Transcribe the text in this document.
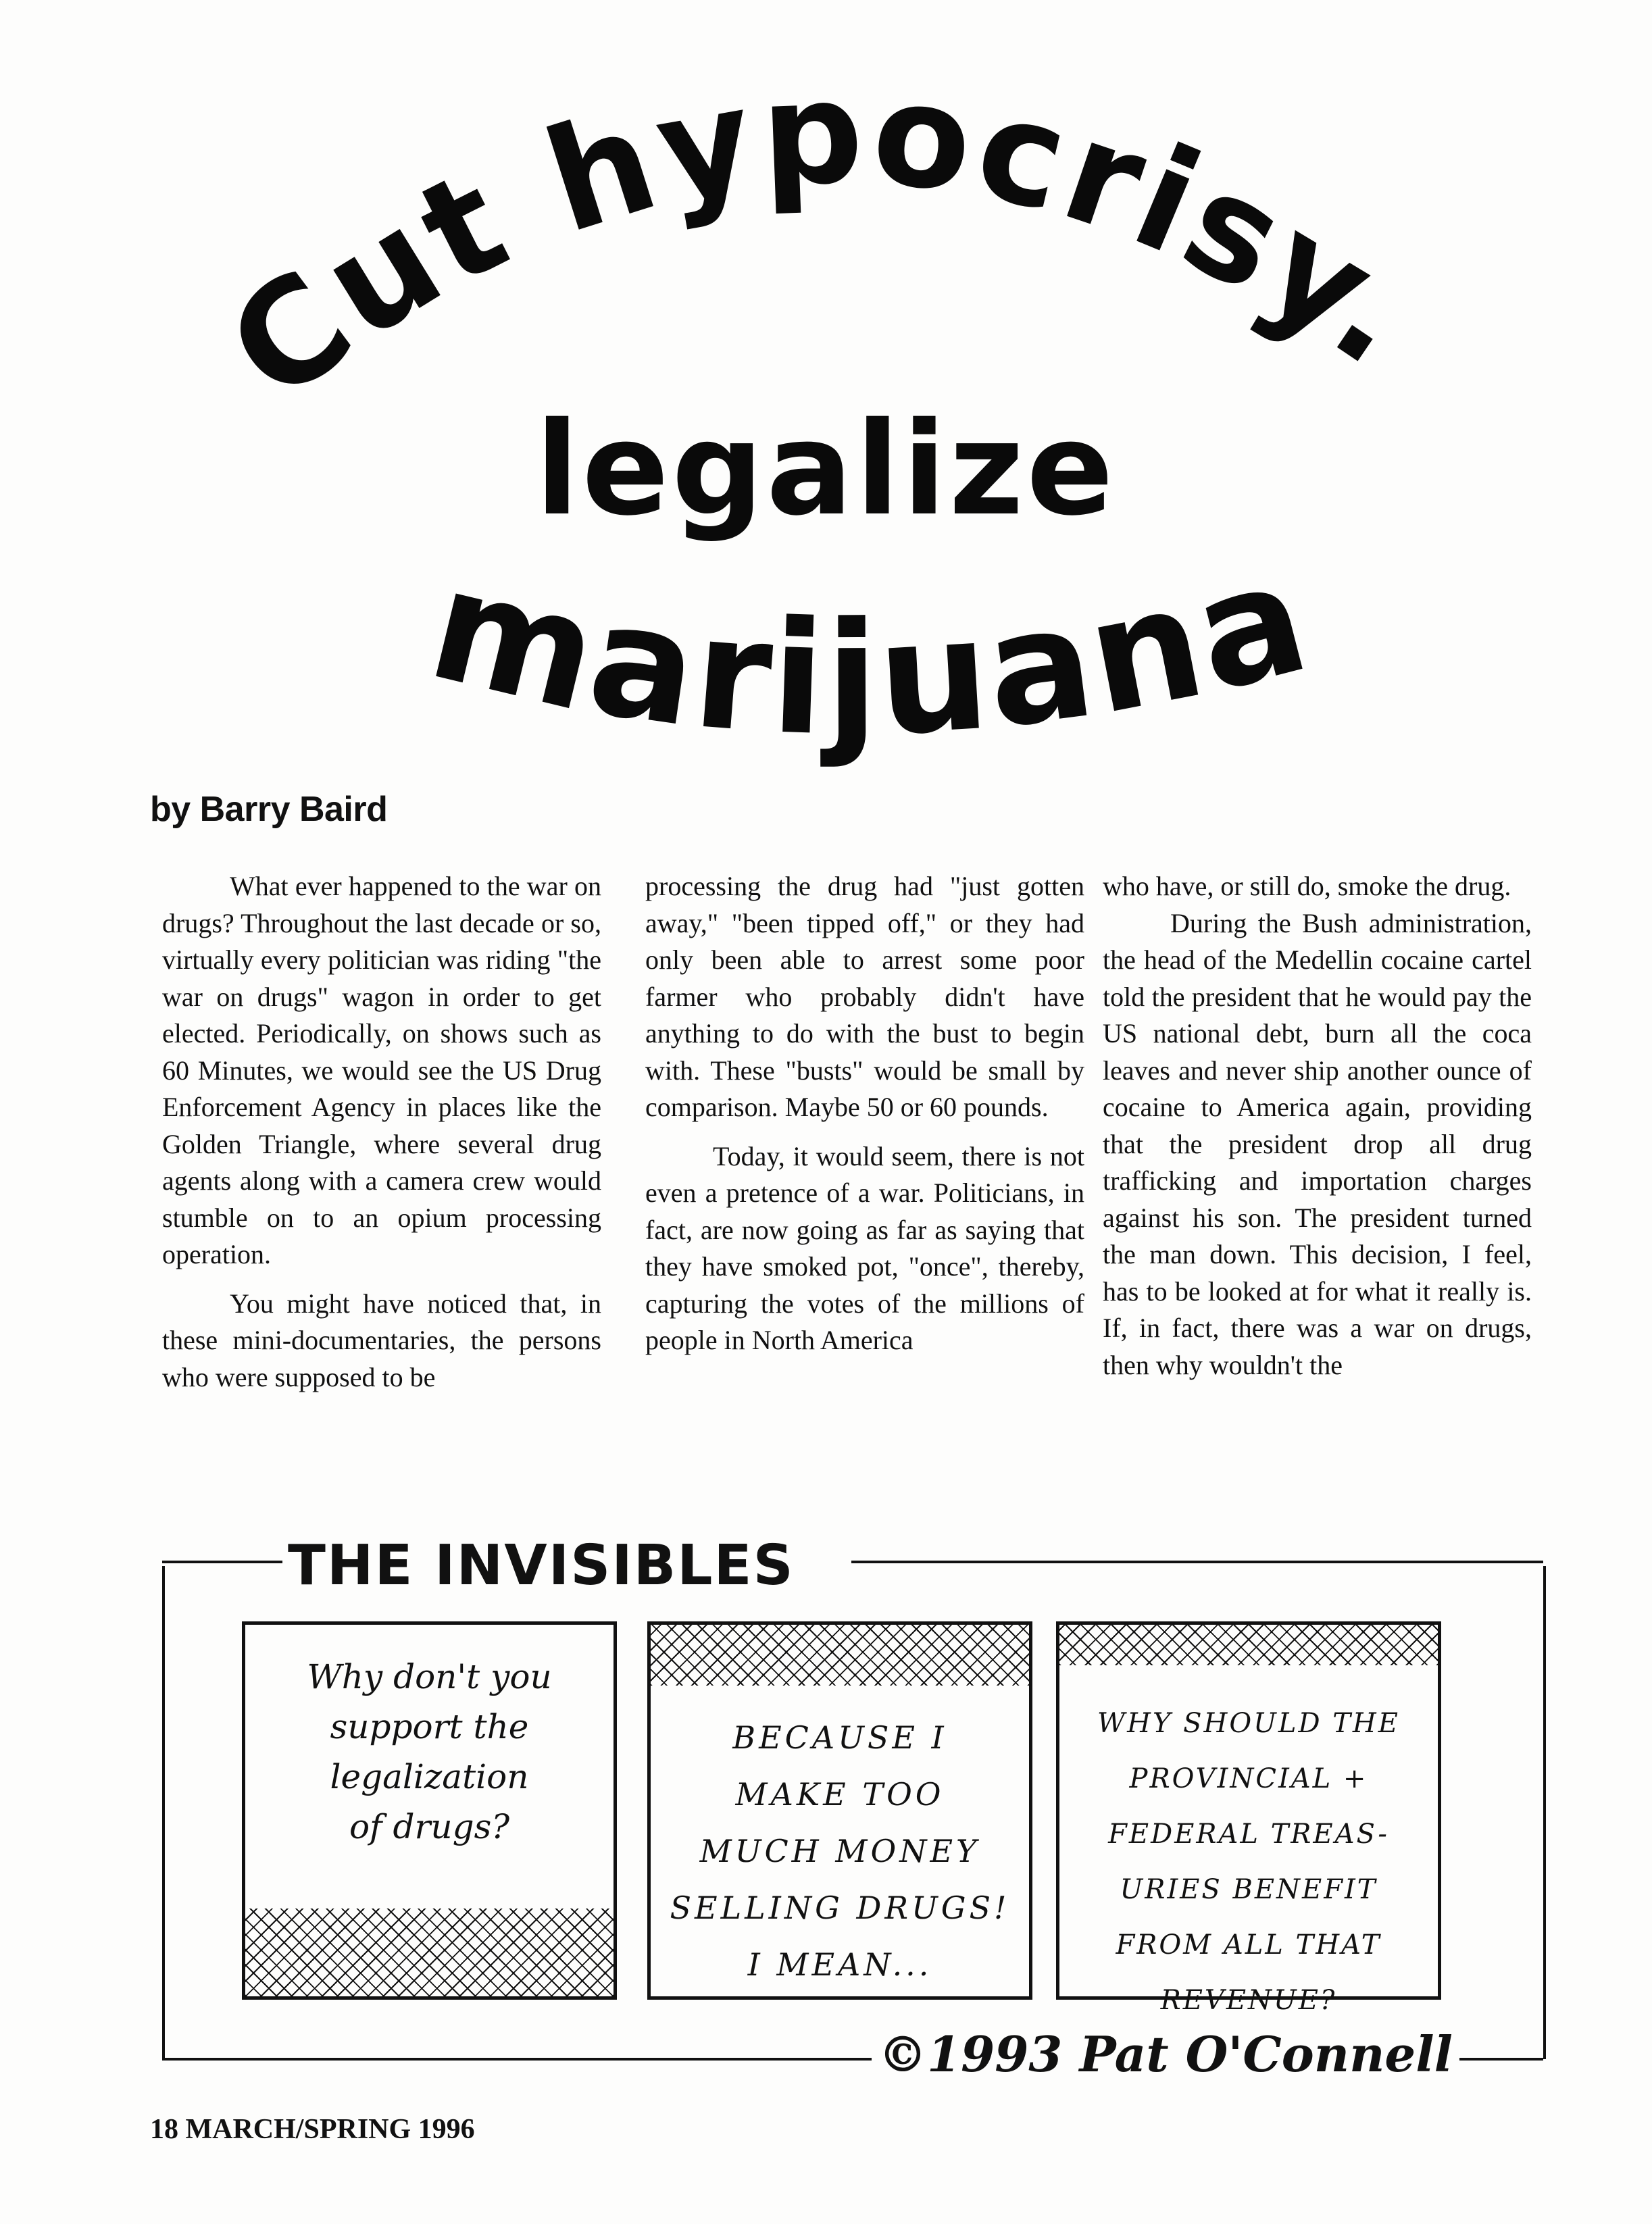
Cut hypocrisy.
legalize
marijuana
by Barry Baird

What ever happened to the war on drugs? Throughout the last decade or so, virtually every politician was riding "the war on drugs" wagon in order to get elected. Periodically, on shows such as 60 Minutes, we would see the US Drug Enforcement Agency in places like the Golden Triangle, where several drug agents along with a camera crew would stumble on to an opium processing operation.

You might have noticed that, in these mini-documentaries, the persons who were supposed to be

processing the drug had "just gotten away," "been tipped off," or they had only been able to arrest some poor farmer who probably didn't have anything to do with the bust to begin with. These "busts" would be small by comparison. Maybe 50 or 60 pounds.

Today, it would seem, there is not even a pretence of a war. Politicians, in fact, are now going as far as saying that they have smoked pot, "once", thereby, capturing the votes of the millions of people in North America

who have, or still do, smoke the drug.

During the Bush administration, the head of the Medellin cocaine cartel told the president that he would pay the US national debt, burn all the coca leaves and never ship another ounce of cocaine to America again, providing that the president drop all drug trafficking and importation charges against his son. The president turned the man down. This decision, I feel, has to be looked at for what it really is. If, in fact, there was a war on drugs, then why wouldn't the

THE INVISIBLES
Why don't you
support the
legalization
of drugs?
BECAUSE I
MAKE TOO
MUCH MONEY
SELLING DRUGS!
I MEAN...
WHY SHOULD THE
PROVINCIAL +
FEDERAL TREAS-
URIES BENEFIT
FROM ALL THAT
REVENUE?
©1993 Pat O'Connell
18 MARCH/SPRING 1996
